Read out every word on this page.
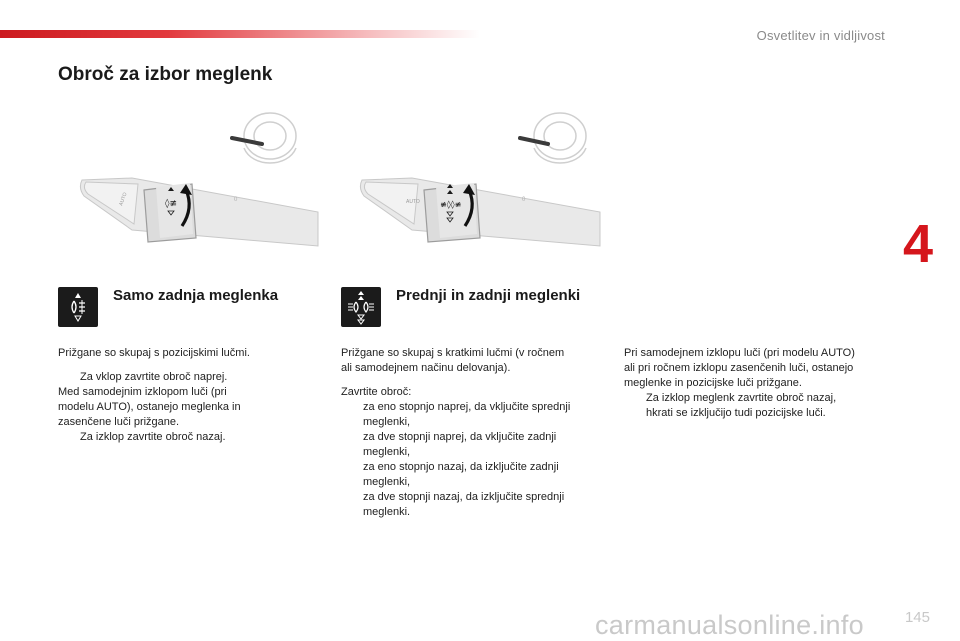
Osvetlitev in vidljivost
Obroč za izbor meglenk
4
AUTO	0
◊≢	AUTO	0
≢◊◊≢
Samo zadnja meglenka	Prednji in zadnji meglenki

Prižgane so skupaj s pozicijskimi lučmi.

Za vklop zavrtite obroč naprej.

Med samodejnim izklopom luči (pri

modelu AUTO), ostanejo meglenka in

zasenčene luči prižgane.

Za izklop zavrtite obroč nazaj.

Prižgane so skupaj s kratkimi lučmi (v ročnem

ali samodejnem načinu delovanja).

Zavrtite obroč:

za eno stopnjo naprej, da vključite sprednji

meglenki,

za dve stopnji naprej, da vključite zadnji

meglenki,

za eno stopnjo nazaj, da izključite zadnji

meglenki,

za dve stopnji nazaj, da izključite sprednji

meglenki.

Pri samodejnem izklopu luči (pri modelu AUTO)

ali pri ročnem izklopu zasenčenih luči, ostanejo

meglenke in pozicijske luči prižgane.

Za izklop meglenk zavrtite obroč nazaj,

hkrati se izključijo tudi pozicijske luči.

145
carmanualsonline.info
